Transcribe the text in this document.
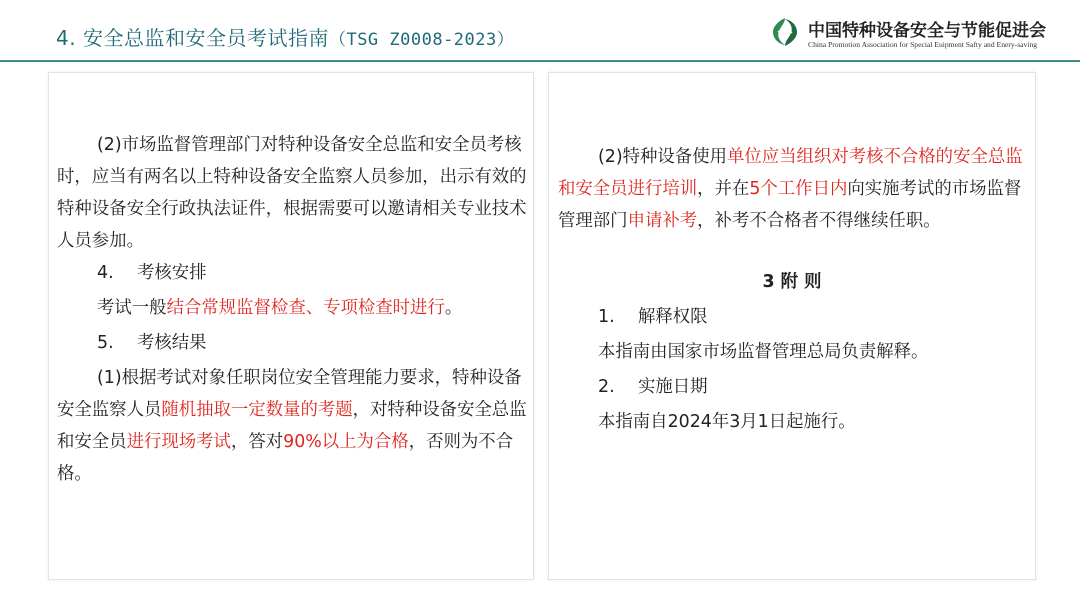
4. 安全总监和安全员考试指南（TSG Z0008-2023）	中国特种设备安全与节能促进会
China Promotion Association for Special Euipment Safty and Enery-saving
(2)市场监督管理部门对特种设备安全总监和安全员考核时，应当有两名以上特种设备安全监察人员参加，出示有效的特种设备安全行政执法证件，根据需要可以邀请相关专业技术人员参加。
4. 考核安排
考试一般结合常规监督检查、专项检查时进行。
5. 考核结果
(1)根据考试对象任职岗位安全管理能力要求，特种设备安全监察人员随机抽取一定数量的考题，对特种设备安全总监和安全员进行现场考试，答对90%以上为合格，否则为不合格。
(2)特种设备使用单位应当组织对考核不合格的安全总监和安全员进行培训，并在5个工作日内向实施考试的市场监督管理部门申请补考，补考不合格者不得继续任职。
3 附 则
1. 解释权限
本指南由国家市场监督管理总局负责解释。
2. 实施日期
本指南自2024年3月1日起施行。
